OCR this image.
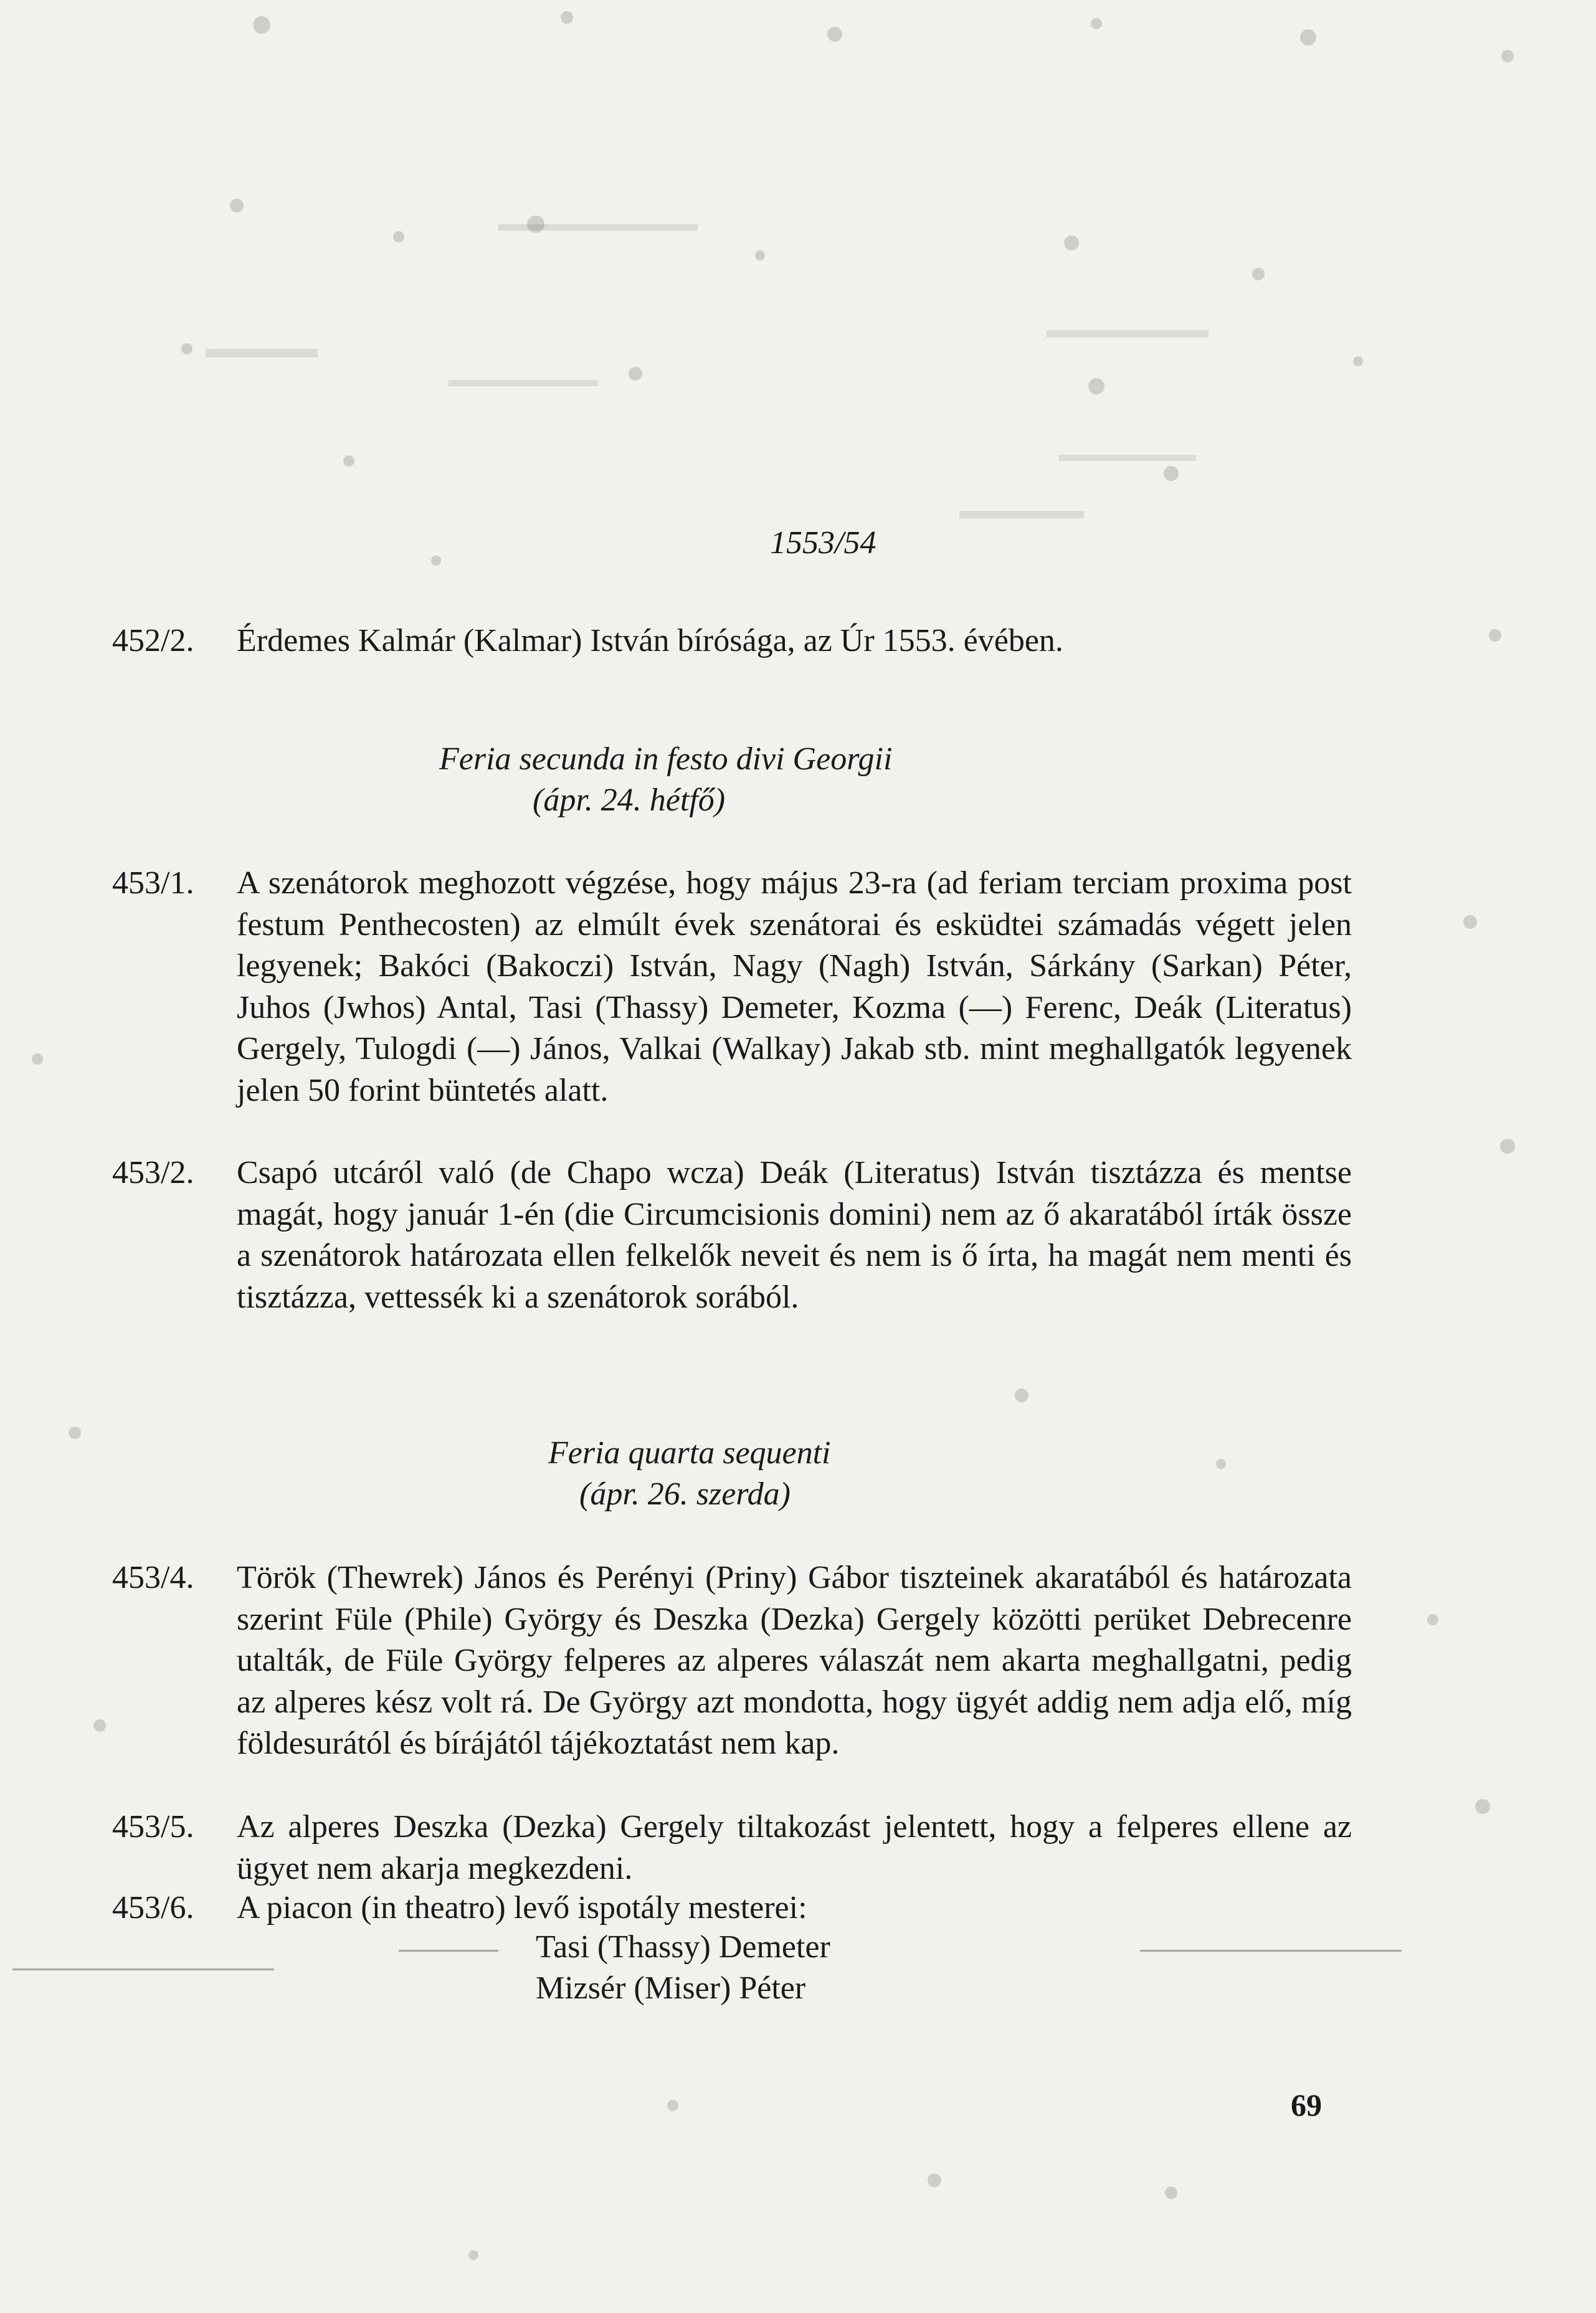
1553/54
452/2.	Érdemes Kalmár (Kalmar) István bírósága, az Úr 1553. évében.
Feria secunda in festo divi Georgii
(ápr. 24. hétfő)
453/1.	A szenátorok meghozott végzése, hogy május 23-ra (ad feriam terciam proxima post festum Penthecosten) az elmúlt évek szenátorai és esküdtei számadás végett jelen legyenek; Bakóci (Bakoczi) István, Nagy (Nagh) István, Sárkány (Sarkan) Péter, Juhos (Jwhos) Antal, Tasi (Thassy) Demeter, Kozma (—) Ferenc, Deák (Literatus) Gergely, Tulogdi (—) János, Valkai (Walkay) Jakab stb. mint meghallgatók legyenek jelen 50 forint büntetés alatt.
453/2.	Csapó utcáról való (de Chapo wcza) Deák (Literatus) István tisztázza és mentse magát, hogy január 1-én (die Circumcisionis domini) nem az ő akaratából írták össze a szenátorok határozata ellen felkelők neveit és nem is ő írta, ha magát nem menti és tisztázza, vettessék ki a szenátorok sorából.
Feria quarta sequenti
(ápr. 26. szerda)
453/4.	Török (Thewrek) János és Perényi (Priny) Gábor tiszteinek akaratából és határozata szerint Füle (Phile) György és Deszka (Dezka) Gergely közötti perüket Debrecenre utalták, de Füle György felperes az alperes válaszát nem akarta meghallgatni, pedig az alperes kész volt rá. De György azt mondotta, hogy ügyét addig nem adja elő, míg földesurától és bírájától tájékoztatást nem kap.
453/5.	Az alperes Deszka (Dezka) Gergely tiltakozást jelentett, hogy a felperes ellene az ügyet nem akarja megkezdeni.
453/6.	A piacon (in theatro) levő ispotály mesterei:
Tasi (Thassy) Demeter
Mizsér (Miser) Péter
69
